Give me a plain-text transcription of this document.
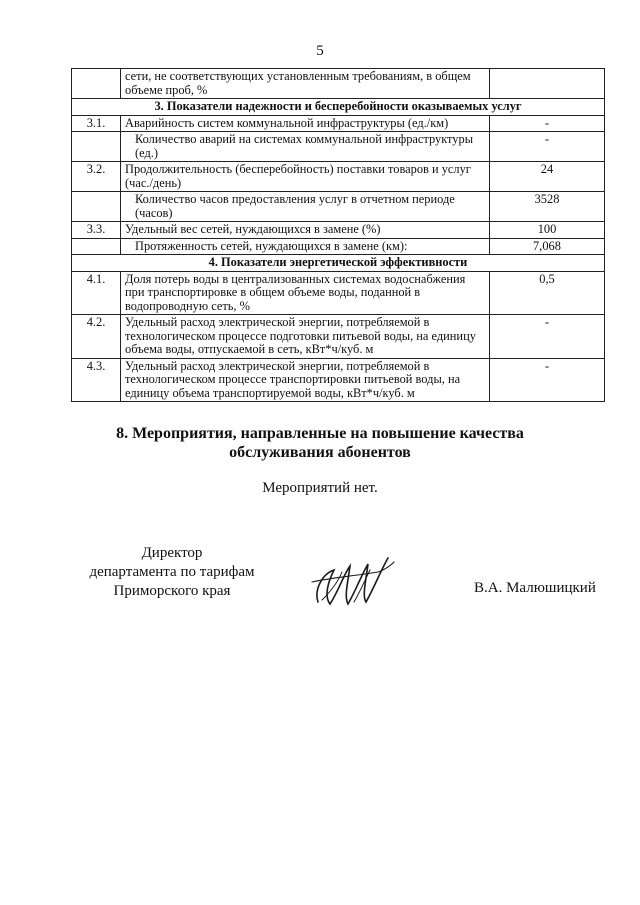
5
	сети, не соответствующих установленным требованиям, в общем объеме проб, %	
3. Показатели надежности и бесперебойности оказываемых услуг		
3.1.	Аварийность систем коммунальной инфраструктуры (ед./км)	-
	Количество аварий на системах коммунальной инфраструктуры (ед.)	-
3.2.	Продолжительность (бесперебойность) поставки товаров и услуг (час./день)	24
	Количество часов предоставления услуг в отчетном периоде (часов)	3528
3.3.	Удельный вес сетей, нуждающихся в замене (%)	100
	Протяженность сетей, нуждающихся в замене (км):	7,068
4. Показатели энергетической эффективности		
4.1.	Доля потерь воды в централизованных системах водоснабжения при транспортировке в общем объеме воды, поданной в водопроводную сеть, %	0,5
4.2.	Удельный расход электрической энергии, потребляемой в технологическом процессе подготовки питьевой воды, на единицу объема воды, отпускаемой в сеть, кВт*ч/куб. м	-
4.3.	Удельный расход электрической энергии, потребляемой в технологическом процессе транспортировки питьевой воды, на единицу объема транспортируемой воды, кВт*ч/куб. м	-
8. Мероприятия, направленные на повышение качества
обслуживания абонентов
Мероприятий нет.
Директор
департамента по тарифам
Приморского края	В.А. Малюшицкий
